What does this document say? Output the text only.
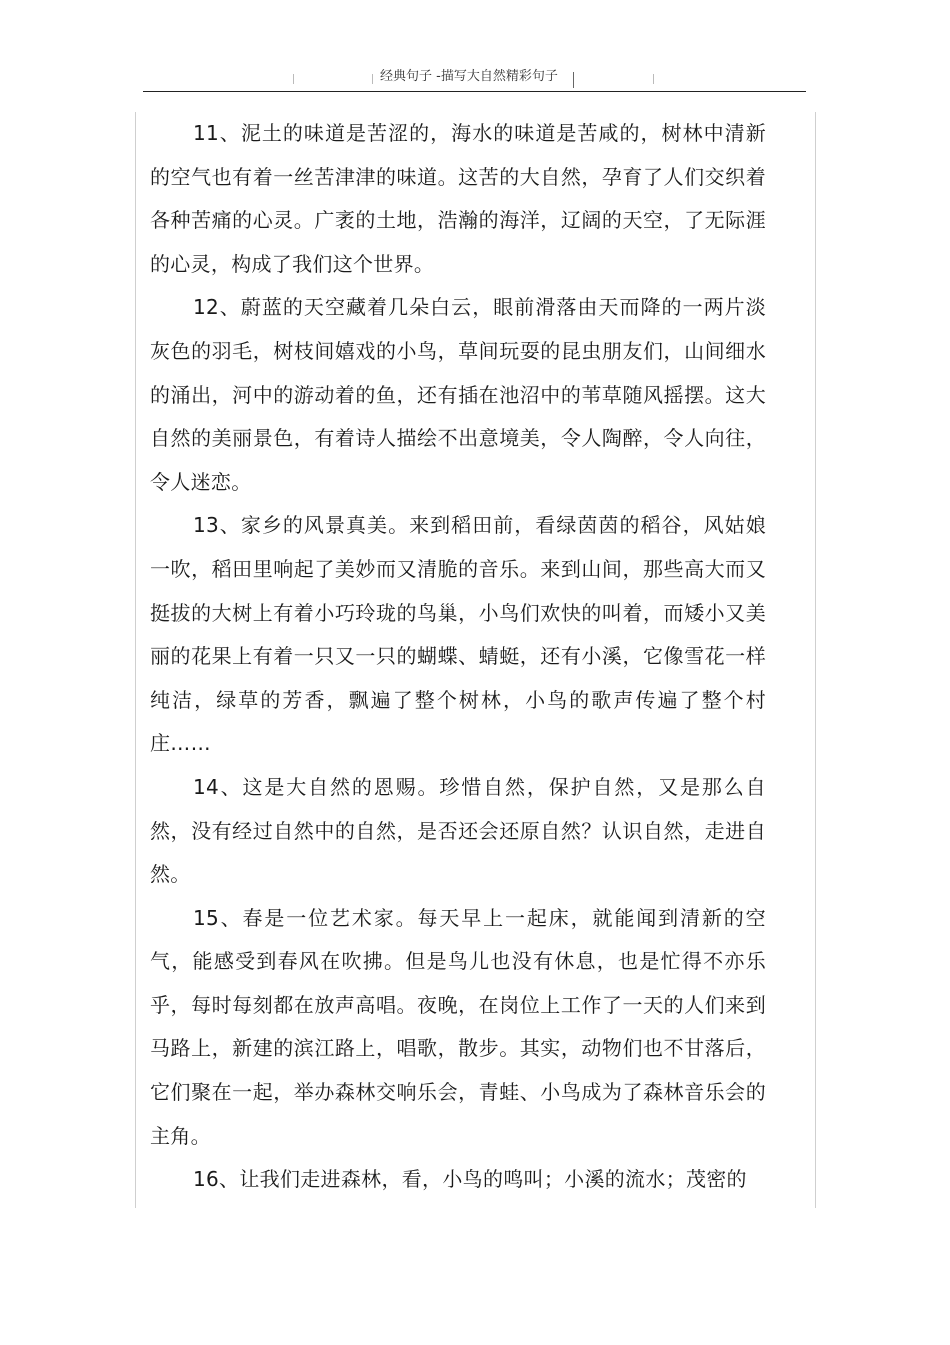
经典句子 -描写大自然精彩句子

11、泥土的味道是苦涩的，海水的味道是苦咸的，树林中清新的空气也有着一丝苦津津的味道。这苦的大自然，孕育了人们交织着各种苦痛的心灵。广袤的土地，浩瀚的海洋，辽阔的天空，了无际涯的心灵，构成了我们这个世界。

12、蔚蓝的天空藏着几朵白云，眼前滑落由天而降的一两片淡灰色的羽毛，树枝间嬉戏的小鸟，草间玩耍的昆虫朋友们，山间细水的涌出，河中的游动着的鱼，还有插在池沼中的苇草随风摇摆。这大自然的美丽景色，有着诗人描绘不出意境美，令人陶醉，令人向往，令人迷恋。

13、家乡的风景真美。来到稻田前，看绿茵茵的稻谷，风姑娘一吹，稻田里响起了美妙而又清脆的音乐。来到山间，那些高大而又挺拔的大树上有着小巧玲珑的鸟巢，小鸟们欢快的叫着，而矮小又美丽的花果上有着一只又一只的蝴蝶、蜻蜓，还有小溪，它像雪花一样纯洁，绿草的芳香，飘遍了整个树林，小鸟的歌声传遍了整个村庄……

14、这是大自然的恩赐。珍惜自然，保护自然，又是那么自然，没有经过自然中的自然，是否还会还原自然？认识自然，走进自然。

15、春是一位艺术家。每天早上一起床，就能闻到清新的空气，能感受到春风在吹拂。但是鸟儿也没有休息，也是忙得不亦乐乎，每时每刻都在放声高唱。夜晚，在岗位上工作了一天的人们来到马路上，新建的滨江路上，唱歌，散步。其实，动物们也不甘落后，它们聚在一起，举办森林交响乐会，青蛙、小鸟成为了森林音乐会的主角。

16、让我们走进森林，看，小鸟的鸣叫；小溪的流水；茂密的
